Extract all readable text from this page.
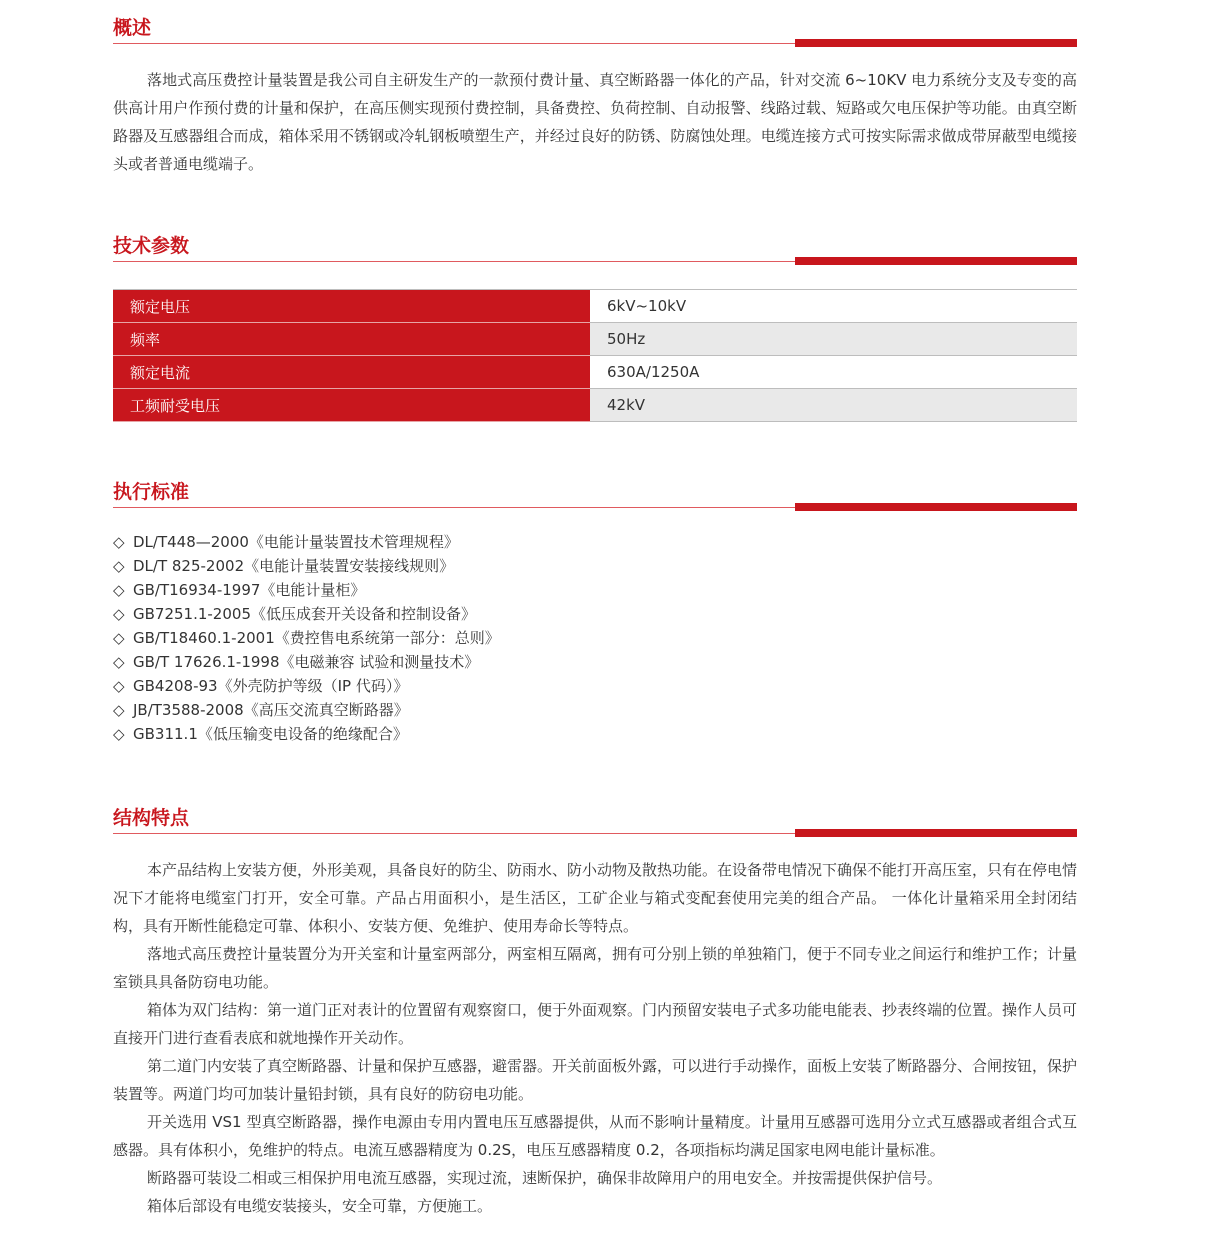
概述

落地式高压费控计量装置是我公司自主研发生产的一款预付费计量、真空断路器一体化的产品，针对交流 6~10KV 电力系统分支及专变的高供高计用户作预付费的计量和保护，在高压侧实现预付费控制，具备费控、负荷控制、自动报警、线路过载、短路或欠电压保护等功能。由真空断路器及互感器组合而成，箱体采用不锈钢或冷轧钢板喷塑生产，并经过良好的防锈、防腐蚀处理。电缆连接方式可按实际需求做成带屏蔽型电缆接头或者普通电缆端子。

技术参数
额定电压	6kV~10kV
频率	50Hz
额定电流	630A/1250A
工频耐受电压	42kV
执行标准
◇ DL/T448—2000《电能计量装置技术管理规程》
◇ DL/T 825-2002《电能计量装置安装接线规则》
◇ GB/T16934-1997《电能计量柜》
◇ GB7251.1-2005《低压成套开关设备和控制设备》
◇ GB/T18460.1-2001《费控售电系统第一部分：总则》
◇ GB/T 17626.1-1998《电磁兼容 试验和测量技术》
◇ GB4208-93《外壳防护等级（IP 代码）》
◇ JB/T3588-2008《高压交流真空断路器》
◇ GB311.1《低压输变电设备的绝缘配合》
结构特点

本产品结构上安装方便，外形美观，具备良好的防尘、防雨水、防小动物及散热功能。在设备带电情况下确保不能打开高压室，只有在停电情况下才能将电缆室门打开，安全可靠。产品占用面积小，是生活区，工矿企业与箱式变配套使用完美的组合产品。 一体化计量箱采用全封闭结构，具有开断性能稳定可靠、体积小、安装方便、免维护、使用寿命长等特点。

落地式高压费控计量装置分为开关室和计量室两部分，两室相互隔离，拥有可分别上锁的单独箱门，便于不同专业之间运行和维护工作；计量室锁具具备防窃电功能。

箱体为双门结构：第一道门正对表计的位置留有观察窗口，便于外面观察。门内预留安装电子式多功能电能表、抄表终端的位置。操作人员可直接开门进行查看表底和就地操作开关动作。

第二道门内安装了真空断路器、计量和保护互感器，避雷器。开关前面板外露，可以进行手动操作，面板上安装了断路器分、合闸按钮，保护装置等。两道门均可加装计量铅封锁，具有良好的防窃电功能。

开关选用 VS1 型真空断路器，操作电源由专用内置电压互感器提供，从而不影响计量精度。计量用互感器可选用分立式互感器或者组合式互感器。具有体积小，免维护的特点。电流互感器精度为 0.2S，电压互感器精度 0.2，各项指标均满足国家电网电能计量标准。

断路器可装设二相或三相保护用电流互感器，实现过流，速断保护，确保非故障用户的用电安全。并按需提供保护信号。

箱体后部设有电缆安装接头，安全可靠，方便施工。
